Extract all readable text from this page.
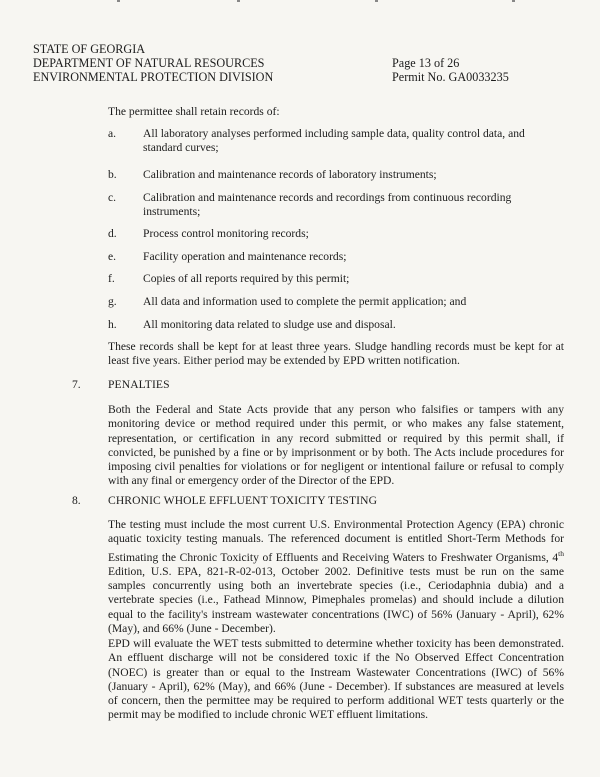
STATE OF GEORGIA
DEPARTMENT OF NATURAL RESOURCES
ENVIRONMENTAL PROTECTION DIVISION
Page 13 of 26
Permit No. GA0033235
The permittee shall retain records of:
a.	All laboratory analyses performed including sample data, quality control data, and standard curves;
b.	Calibration and maintenance records of laboratory instruments;
c.	Calibration and maintenance records and recordings from continuous recording instruments;
d.	Process control monitoring records;
e.	Facility operation and maintenance records;
f.	Copies of all reports required by this permit;
g.	All data and information used to complete the permit application; and
h.	All monitoring data related to sludge use and disposal.
These records shall be kept for at least three years. Sludge handling records must be kept for at least five years. Either period may be extended by EPD written notification.
7. PENALTIES
Both the Federal and State Acts provide that any person who falsifies or tampers with any monitoring device or method required under this permit, or who makes any false statement, representation, or certification in any record submitted or required by this permit shall, if convicted, be punished by a fine or by imprisonment or by both. The Acts include procedures for imposing civil penalties for violations or for negligent or intentional failure or refusal to comply with any final or emergency order of the Director of the EPD.
8. CHRONIC WHOLE EFFLUENT TOXICITY TESTING
The testing must include the most current U.S. Environmental Protection Agency (EPA) chronic aquatic toxicity testing manuals. The referenced document is entitled Short-Term Methods for Estimating the Chronic Toxicity of Effluents and Receiving Waters to Freshwater Organisms, 4th Edition, U.S. EPA, 821-R-02-013, October 2002. Definitive tests must be run on the same samples concurrently using both an invertebrate species (i.e., Ceriodaphnia dubia) and a vertebrate species (i.e., Fathead Minnow, Pimephales promelas) and should include a dilution equal to the facility's instream wastewater concentrations (IWC) of 56% (January - April), 62% (May), and 66% (June - December).
EPD will evaluate the WET tests submitted to determine whether toxicity has been demonstrated. An effluent discharge will not be considered toxic if the No Observed Effect Concentration (NOEC) is greater than or equal to the Instream Wastewater Concentrations (IWC) of 56% (January - April), 62% (May), and 66% (June - December). If substances are measured at levels of concern, then the permittee may be required to perform additional WET tests quarterly or the permit may be modified to include chronic WET effluent limitations.
